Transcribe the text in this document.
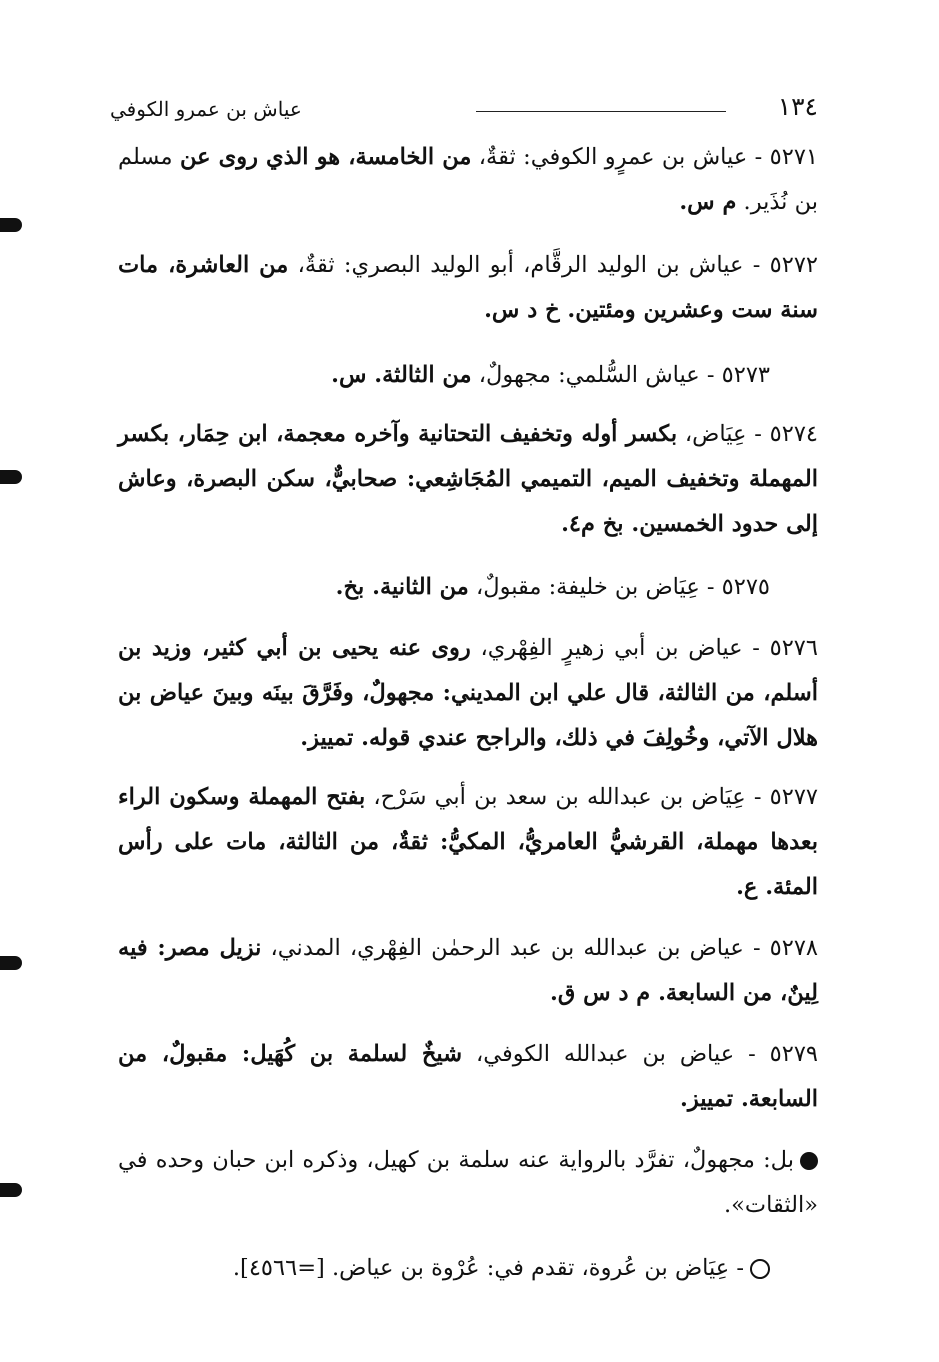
١٣٤
عياش بن عمرو الكوفي

٥٢٧١ - عياش بن عمرٍو الكوفي: ثقةٌ، من الخامسة، هو الذي روى عن مسلم بن نُذَير. م س.

٥٢٧٢ - عياش بن الوليد الرقَّام، أبو الوليد البصري: ثقةٌ، من العاشرة، مات سنة ست وعشرين ومئتين. خ د س.

٥٢٧٣ - عياش السُّلمي: مجهولٌ، من الثالثة. س.

٥٢٧٤ - عِيَاض، بكسر أوله وتخفيف التحتانية وآخره معجمة، ابن حِمَار، بكسر المهملة وتخفيف الميم، التميمي المُجَاشِعي: صحابيٌّ، سكن البصرة، وعاش إلى حدود الخمسين. بخ م٤.

٥٢٧٥ - عِيَاض بن خليفة: مقبولٌ، من الثانية. بخ.

٥٢٧٦ - عياض بن أبي زهيرٍ الفِهْري، روى عنه يحيى بن أبي كثير، وزيد بن أسلم، من الثالثة، قال علي ابن المديني: مجهولٌ، وفَرَّقَ بينَه وبينَ عياض بن هلال الآتي، وخُولِفَ في ذلك، والراجح عندي قوله. تمييز.

٥٢٧٧ - عِيَاض بن عبدالله بن سعد بن أبي سَرْح، بفتح المهملة وسكون الراء بعدها مهملة، القرشيُّ العامريُّ، المكيُّ: ثقةٌ، من الثالثة، مات على رأس المئة. ع.

٥٢٧٨ - عياض بن عبدالله بن عبد الرحمٰن الفِهْري، المدني، نزيل مصر: فيه لِينٌ، من السابعة. م د س ق.

٥٢٧٩ - عياض بن عبدالله الكوفي، شيخٌ لسلمة بن كُهَيل: مقبولٌ، من السابعة. تمييز.

بل: مجهولٌ، تفرَّد بالرواية عنه سلمة بن كهيل، وذكره ابن حبان وحده في «الثقات».

- عِيَاض بن عُروة، تقدم في: عُرْوة بن عياض. [=٤٥٦٦].
